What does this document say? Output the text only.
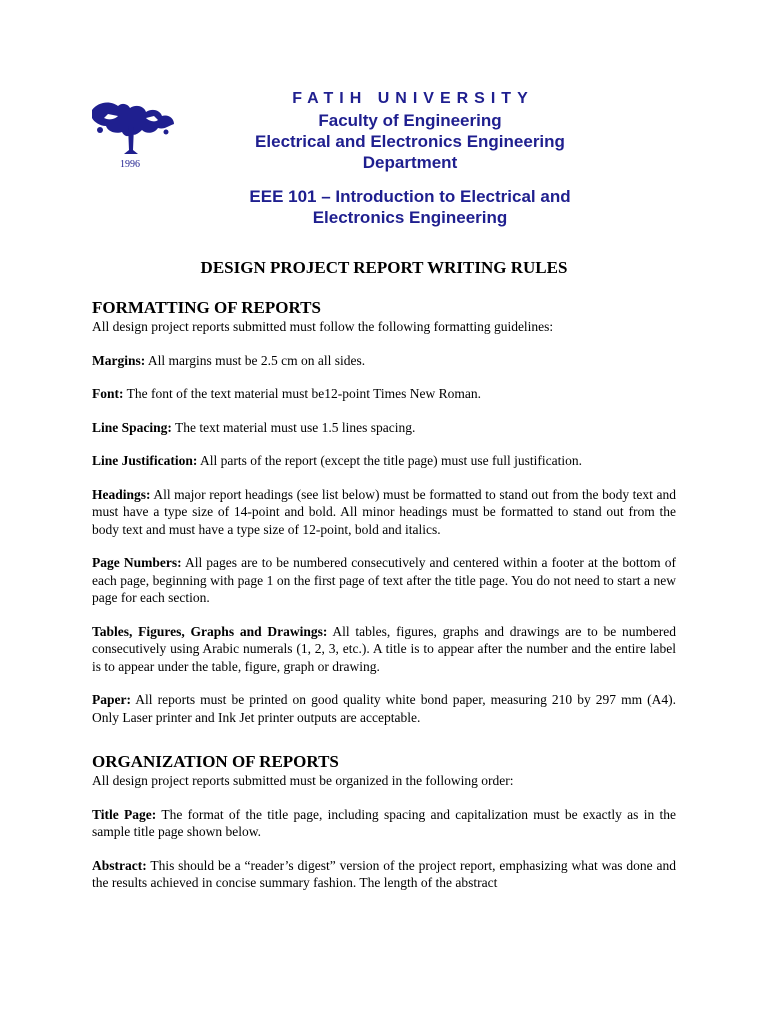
1996
FATIH UNIVERSITY
Faculty of Engineering
Electrical and Electronics Engineering
Department
EEE 101 – Introduction to Electrical and
Electronics Engineering
DESIGN PROJECT REPORT WRITING RULES
FORMATTING OF REPORTS
All design project reports submitted must follow the following formatting guidelines:
Margins: All margins must be 2.5 cm on all sides.
Font: The font of the text material must be12-point Times New Roman.
Line Spacing: The text material must use 1.5 lines spacing.
Line Justification: All parts of the report (except the title page) must use full justification.
Headings: All major report headings (see list below) must be formatted to stand out from the body text and must have a type size of 14-point and bold. All minor headings must be formatted to stand out from the body text and must have a type size of 12-point, bold and italics.
Page Numbers: All pages are to be numbered consecutively and centered within a footer at the bottom of each page, beginning with page 1 on the first page of text after the title page. You do not need to start a new page for each section.
Tables, Figures, Graphs and Drawings: All tables, figures, graphs and drawings are to be numbered consecutively using Arabic numerals (1, 2, 3, etc.). A title is to appear after the number and the entire label is to appear under the table, figure, graph or drawing.
Paper: All reports must be printed on good quality white bond paper, measuring 210 by 297 mm (A4). Only Laser printer and Ink Jet printer outputs are acceptable.
ORGANIZATION OF REPORTS
All design project reports submitted must be organized in the following order:
Title Page: The format of the title page, including spacing and capitalization must be exactly as in the sample title page shown below.
Abstract: This should be a “reader’s digest” version of the project report, emphasizing what was done and the results achieved in concise summary fashion. The length of the abstract
